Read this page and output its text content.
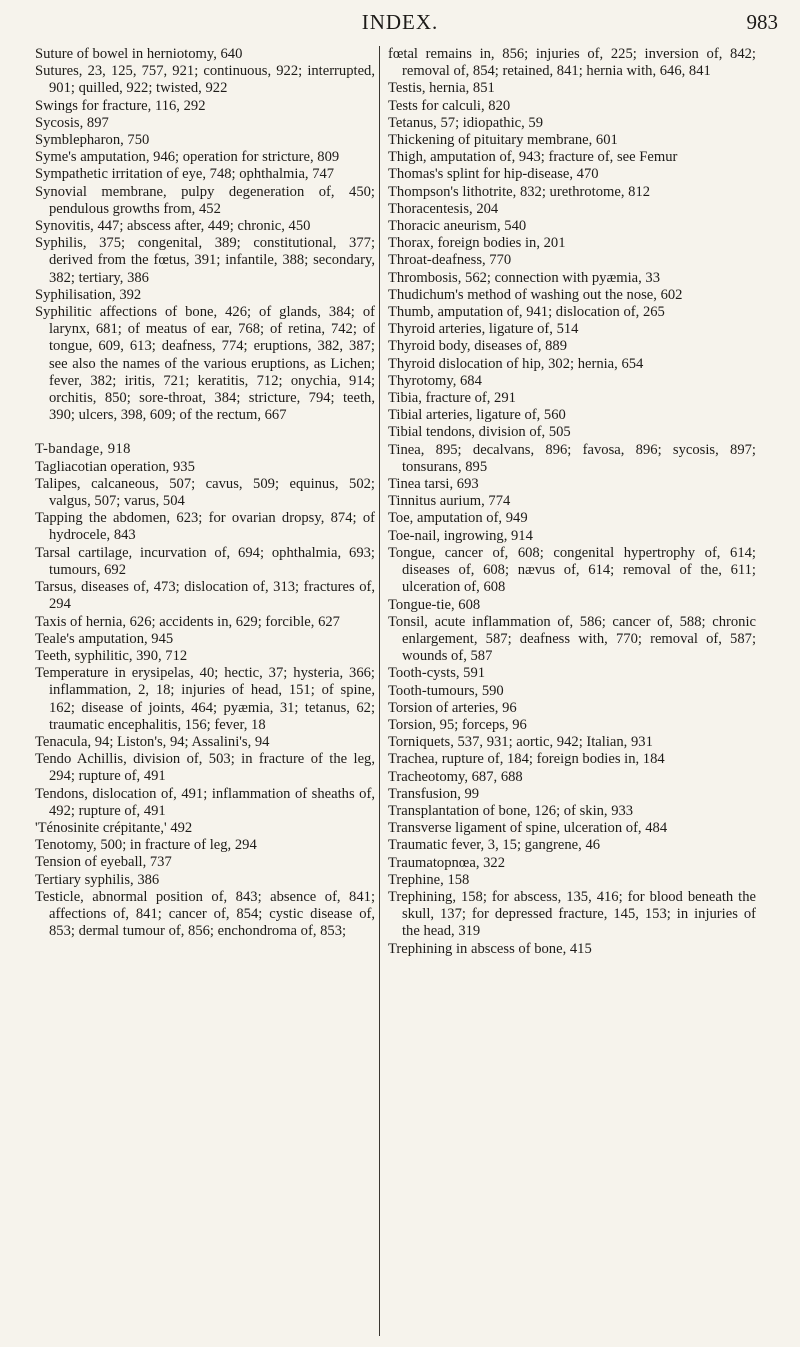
INDEX.	983

Suture of bowel in herniotomy, 640

Sutures, 23, 125, 757, 921; continuous, 922; interrupted, 901; quilled, 922; twisted, 922

Swings for fracture, 116, 292

Sycosis, 897

Symblepharon, 750

Syme's amputation, 946; operation for stricture, 809

Sympathetic irritation of eye, 748; ophthalmia, 747

Synovial membrane, pulpy degeneration of, 450; pendulous growths from, 452

Synovitis, 447; abscess after, 449; chronic, 450

Syphilis, 375; congenital, 389; constitutional, 377; derived from the fœtus, 391; infantile, 388; secondary, 382; tertiary, 386

Syphilisation, 392

Syphilitic affections of bone, 426; of glands, 384; of larynx, 681; of meatus of ear, 768; of retina, 742; of tongue, 609, 613; deafness, 774; eruptions, 382, 387; see also the names of the various eruptions, as Lichen; fever, 382; iritis, 721; keratitis, 712; onychia, 914; orchitis, 850; sore-throat, 384; stricture, 794; teeth, 390; ulcers, 398, 609; of the rectum, 667

T-bandage, 918

Tagliacotian operation, 935

Talipes, calcaneous, 507; cavus, 509; equinus, 502; valgus, 507; varus, 504

Tapping the abdomen, 623; for ovarian dropsy, 874; of hydrocele, 843

Tarsal cartilage, incurvation of, 694; ophthalmia, 693; tumours, 692

Tarsus, diseases of, 473; dislocation of, 313; fractures of, 294

Taxis of hernia, 626; accidents in, 629; forcible, 627

Teale's amputation, 945

Teeth, syphilitic, 390, 712

Temperature in erysipelas, 40; hectic, 37; hysteria, 366; inflammation, 2, 18; injuries of head, 151; of spine, 162; disease of joints, 464; pyæmia, 31; tetanus, 62; traumatic encephalitis, 156; fever, 18

Tenacula, 94; Liston's, 94; Assalini's, 94

Tendo Achillis, division of, 503; in fracture of the leg, 294; rupture of, 491

Tendons, dislocation of, 491; inflammation of sheaths of, 492; rupture of, 491

'Ténosinite crépitante,' 492

Tenotomy, 500; in fracture of leg, 294

Tension of eyeball, 737

Tertiary syphilis, 386

Testicle, abnormal position of, 843; absence of, 841; affections of, 841; cancer of, 854; cystic disease of, 853; dermal tumour of, 856; enchondroma of, 853;

fœtal remains in, 856; injuries of, 225; inversion of, 842; removal of, 854; retained, 841; hernia with, 646, 841

Testis, hernia, 851

Tests for calculi, 820

Tetanus, 57; idiopathic, 59

Thickening of pituitary membrane, 601

Thigh, amputation of, 943; fracture of, see Femur

Thomas's splint for hip-disease, 470

Thompson's lithotrite, 832; urethrotome, 812

Thoracentesis, 204

Thoracic aneurism, 540

Thorax, foreign bodies in, 201

Throat-deafness, 770

Thrombosis, 562; connection with pyæmia, 33

Thudichum's method of washing out the nose, 602

Thumb, amputation of, 941; dislocation of, 265

Thyroid arteries, ligature of, 514

Thyroid body, diseases of, 889

Thyroid dislocation of hip, 302; hernia, 654

Thyrotomy, 684

Tibia, fracture of, 291

Tibial arteries, ligature of, 560

Tibial tendons, division of, 505

Tinea, 895; decalvans, 896; favosa, 896; sycosis, 897; tonsurans, 895

Tinea tarsi, 693

Tinnitus aurium, 774

Toe, amputation of, 949

Toe-nail, ingrowing, 914

Tongue, cancer of, 608; congenital hypertrophy of, 614; diseases of, 608; nævus of, 614; removal of the, 611; ulceration of, 608

Tongue-tie, 608

Tonsil, acute inflammation of, 586; cancer of, 588; chronic enlargement, 587; deafness with, 770; removal of, 587; wounds of, 587

Tooth-cysts, 591

Tooth-tumours, 590

Torsion of arteries, 96

Torsion, 95; forceps, 96

Torniquets, 537, 931; aortic, 942; Italian, 931

Trachea, rupture of, 184; foreign bodies in, 184

Tracheotomy, 687, 688

Transfusion, 99

Transplantation of bone, 126; of skin, 933

Transverse ligament of spine, ulceration of, 484

Traumatic fever, 3, 15; gangrene, 46

Traumatopnœa, 322

Trephine, 158

Trephining, 158; for abscess, 135, 416; for blood beneath the skull, 137; for depressed fracture, 145, 153; in injuries of the head, 319

Trephining in abscess of bone, 415
